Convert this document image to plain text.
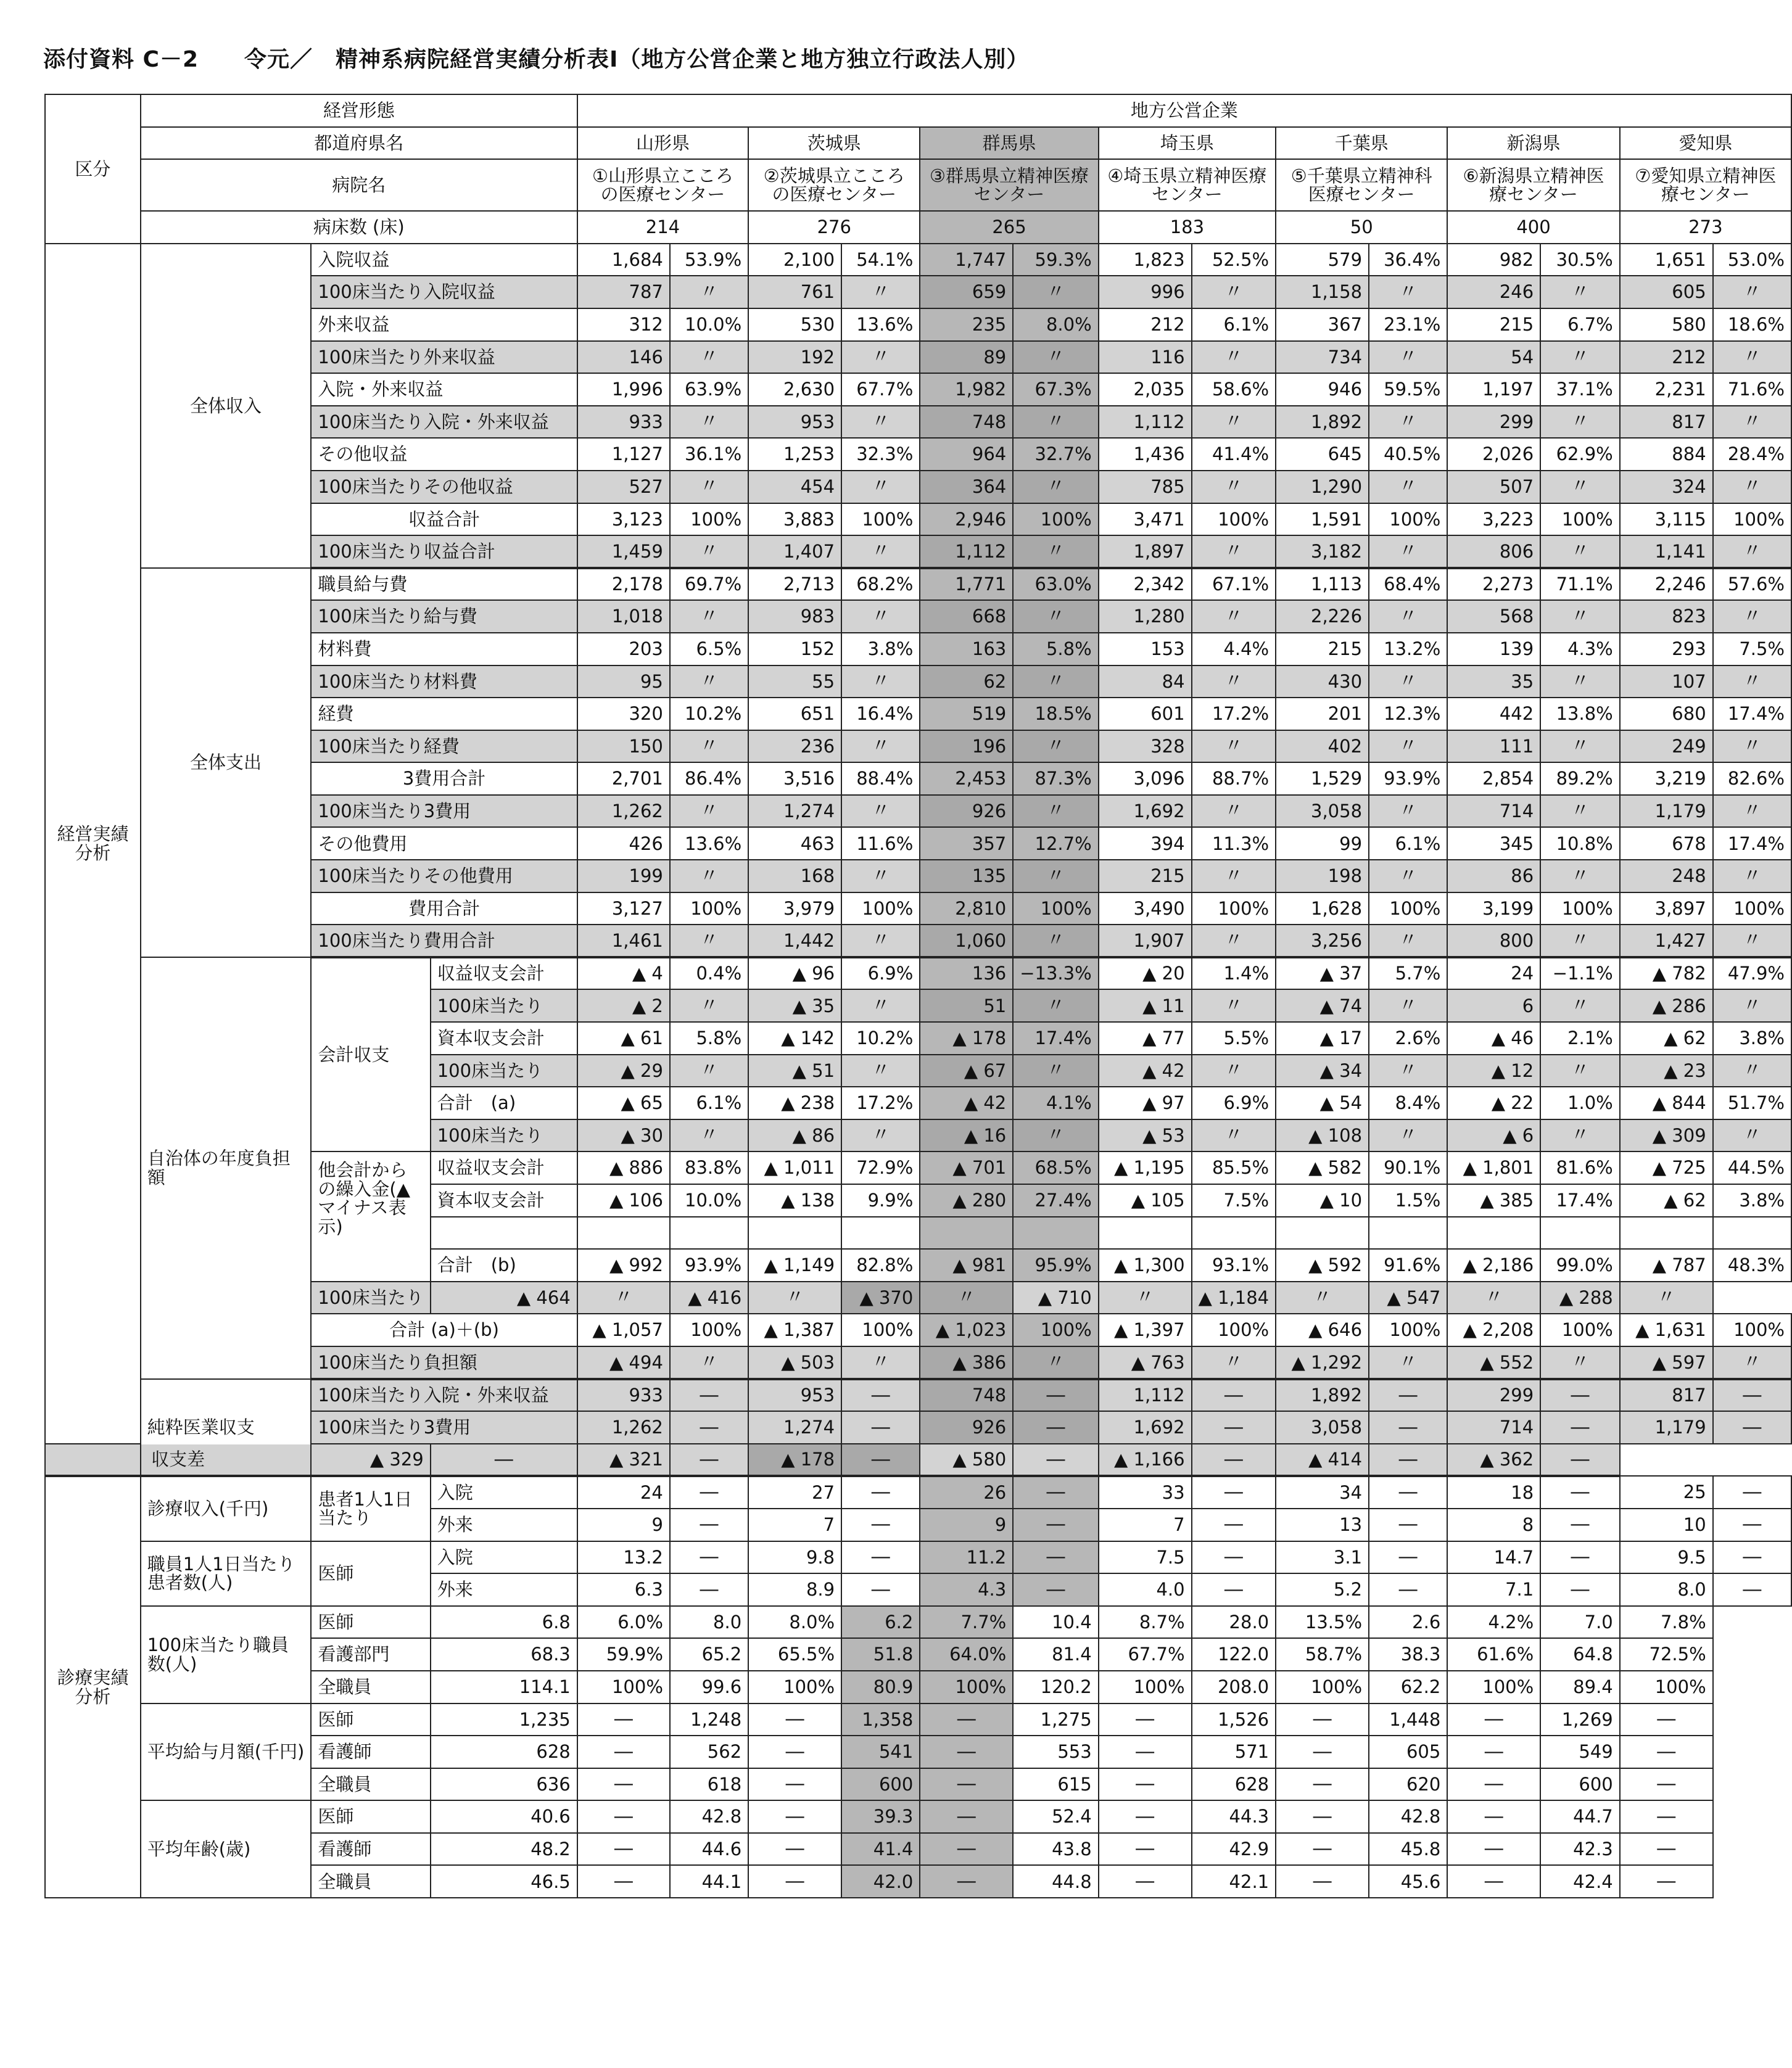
添付資料 C－2　　令元／　精神系病院経営実績分析表Ⅰ（地方公営企業と地方独立行政法人別）
区分	経営形態			地方公営企業													
	都道府県名			山形県		茨城県		群馬県		埼玉県		千葉県		新潟県		愛知県	
	病院名			①山形県立こころの医療センター		②茨城県立こころの医療センター		③群馬県立精神医療センター		④埼玉県立精神医療センター		⑤千葉県立精神科医療センター		⑥新潟県立精神医療センター		⑦愛知県立精神医療センター	
	病床数 (床)			214		276		265		183		50		400		273	
経営実績分析	全体収入	入院収益		1,684	53.9%	2,100	54.1%	1,747	59.3%	1,823	52.5%	579	36.4%	982	30.5%	1,651	53.0%
		100床当たり入院収益		787	〃	761	〃	659	〃	996	〃	1,158	〃	246	〃	605	〃
		外来収益		312	10.0%	530	13.6%	235	8.0%	212	6.1%	367	23.1%	215	6.7%	580	18.6%
		100床当たり外来収益		146	〃	192	〃	89	〃	116	〃	734	〃	54	〃	212	〃
		入院・外来収益		1,996	63.9%	2,630	67.7%	1,982	67.3%	2,035	58.6%	946	59.5%	1,197	37.1%	2,231	71.6%
		100床当たり入院・外来収益		933	〃	953	〃	748	〃	1,112	〃	1,892	〃	299	〃	817	〃
		その他収益		1,127	36.1%	1,253	32.3%	964	32.7%	1,436	41.4%	645	40.5%	2,026	62.9%	884	28.4%
		100床当たりその他収益		527	〃	454	〃	364	〃	785	〃	1,290	〃	507	〃	324	〃
		収益合計		3,123	100%	3,883	100%	2,946	100%	3,471	100%	1,591	100%	3,223	100%	3,115	100%
		100床当たり収益合計		1,459	〃	1,407	〃	1,112	〃	1,897	〃	3,182	〃	806	〃	1,141	〃
	全体支出	職員給与費		2,178	69.7%	2,713	68.2%	1,771	63.0%	2,342	67.1%	1,113	68.4%	2,273	71.1%	2,246	57.6%
		100床当たり給与費		1,018	〃	983	〃	668	〃	1,280	〃	2,226	〃	568	〃	823	〃
		材料費		203	6.5%	152	3.8%	163	5.8%	153	4.4%	215	13.2%	139	4.3%	293	7.5%
		100床当たり材料費		95	〃	55	〃	62	〃	84	〃	430	〃	35	〃	107	〃
		経費		320	10.2%	651	16.4%	519	18.5%	601	17.2%	201	12.3%	442	13.8%	680	17.4%
		100床当たり経費		150	〃	236	〃	196	〃	328	〃	402	〃	111	〃	249	〃
		3費用合計		2,701	86.4%	3,516	88.4%	2,453	87.3%	3,096	88.7%	1,529	93.9%	2,854	89.2%	3,219	82.6%
		100床当たり3費用		1,262	〃	1,274	〃	926	〃	1,692	〃	3,058	〃	714	〃	1,179	〃
		その他費用		426	13.6%	463	11.6%	357	12.7%	394	11.3%	99	6.1%	345	10.8%	678	17.4%
		100床当たりその他費用		199	〃	168	〃	135	〃	215	〃	198	〃	86	〃	248	〃
		費用合計		3,127	100%	3,979	100%	2,810	100%	3,490	100%	1,628	100%	3,199	100%	3,897	100%
		100床当たり費用合計		1,461	〃	1,442	〃	1,060	〃	1,907	〃	3,256	〃	800	〃	1,427	〃
	自治体の年度負担額	会計収支	収益収支会計	▲ 4	0.4%	▲ 96	6.9%	136	−13.3%	▲ 20	1.4%	▲ 37	5.7%	24	−1.1%	▲ 782	47.9%
			100床当たり	▲ 2	〃	▲ 35	〃	51	〃	▲ 11	〃	▲ 74	〃	6	〃	▲ 286	〃
			資本収支会計	▲ 61	5.8%	▲ 142	10.2%	▲ 178	17.4%	▲ 77	5.5%	▲ 17	2.6%	▲ 46	2.1%	▲ 62	3.8%
			100床当たり	▲ 29	〃	▲ 51	〃	▲ 67	〃	▲ 42	〃	▲ 34	〃	▲ 12	〃	▲ 23	〃
			合計　(a)	▲ 65	6.1%	▲ 238	17.2%	▲ 42	4.1%	▲ 97	6.9%	▲ 54	8.4%	▲ 22	1.0%	▲ 844	51.7%
			100床当たり	▲ 30	〃	▲ 86	〃	▲ 16	〃	▲ 53	〃	▲ 108	〃	▲ 6	〃	▲ 309	〃
		他会計からの繰入金(▲マイナス表示)	収益収支会計	▲ 886	83.8%	▲ 1,011	72.9%	▲ 701	68.5%	▲ 1,195	85.5%	▲ 582	90.1%	▲ 1,801	81.6%	▲ 725	44.5%
			資本収支会計	▲ 106	10.0%	▲ 138	9.9%	▲ 280	27.4%	▲ 105	7.5%	▲ 10	1.5%	▲ 385	17.4%	▲ 62	3.8%

			合計　(b)	▲ 992	93.9%	▲ 1,149	82.8%	▲ 981	95.9%	▲ 1,300	93.1%	▲ 592	91.6%	▲ 2,186	99.0%	▲ 787	48.3%
		100床当たり	▲ 464	〃	▲ 416	〃	▲ 370	〃	▲ 710	〃	▲ 1,184	〃	▲ 547	〃	▲ 288	〃	
		合計 (a)＋(b)		▲ 1,057	100%	▲ 1,387	100%	▲ 1,023	100%	▲ 1,397	100%	▲ 646	100%	▲ 2,208	100%	▲ 1,631	100%
		100床当たり負担額		▲ 494	〃	▲ 503	〃	▲ 386	〃	▲ 763	〃	▲ 1,292	〃	▲ 552	〃	▲ 597	〃
	純粋医業収支	100床当たり入院・外来収益		933	―	953	―	748	―	1,112	―	1,892	―	299	―	817	―
		100床当たり3費用		1,262	―	1,274	―	926	―	1,692	―	3,058	―	714	―	1,179	―
収支差		▲ 329	―	▲ 321	―	▲ 178	―	▲ 580	―	▲ 1,166	―	▲ 414	―	▲ 362	―		
診療実績分析	診療収入(千円)	患者1人1日当たり	入院	24	―	27	―	26	―	33	―	34	―	18	―	25	―
			外来	9	―	7	―	9	―	7	―	13	―	8	―	10	―
	職員1人1日当たり患者数(人)	医師	入院	13.2	―	9.8	―	11.2	―	7.5	―	3.1	―	14.7	―	9.5	―
			外来	6.3	―	8.9	―	4.3	―	4.0	―	5.2	―	7.1	―	8.0	―
	100床当たり職員数(人)	医師	6.8	6.0%	8.0	8.0%	6.2	7.7%	10.4	8.7%	28.0	13.5%	2.6	4.2%	7.0	7.8%	
		看護部門	68.3	59.9%	65.2	65.5%	51.8	64.0%	81.4	67.7%	122.0	58.7%	38.3	61.6%	64.8	72.5%	
		全職員	114.1	100%	99.6	100%	80.9	100%	120.2	100%	208.0	100%	62.2	100%	89.4	100%	
	平均給与月額(千円)	医師	1,235	―	1,248	―	1,358	―	1,275	―	1,526	―	1,448	―	1,269	―	
		看護師	628	―	562	―	541	―	553	―	571	―	605	―	549	―	
		全職員	636	―	618	―	600	―	615	―	628	―	620	―	600	―	
	平均年齢(歳)	医師	40.6	―	42.8	―	39.3	―	52.4	―	44.3	―	42.8	―	44.7	―	
		看護師	48.2	―	44.6	―	41.4	―	43.8	―	42.9	―	45.8	―	42.3	―	
		全職員	46.5	―	44.1	―	42.0	―	44.8	―	42.1	―	45.6	―	42.4	―	
